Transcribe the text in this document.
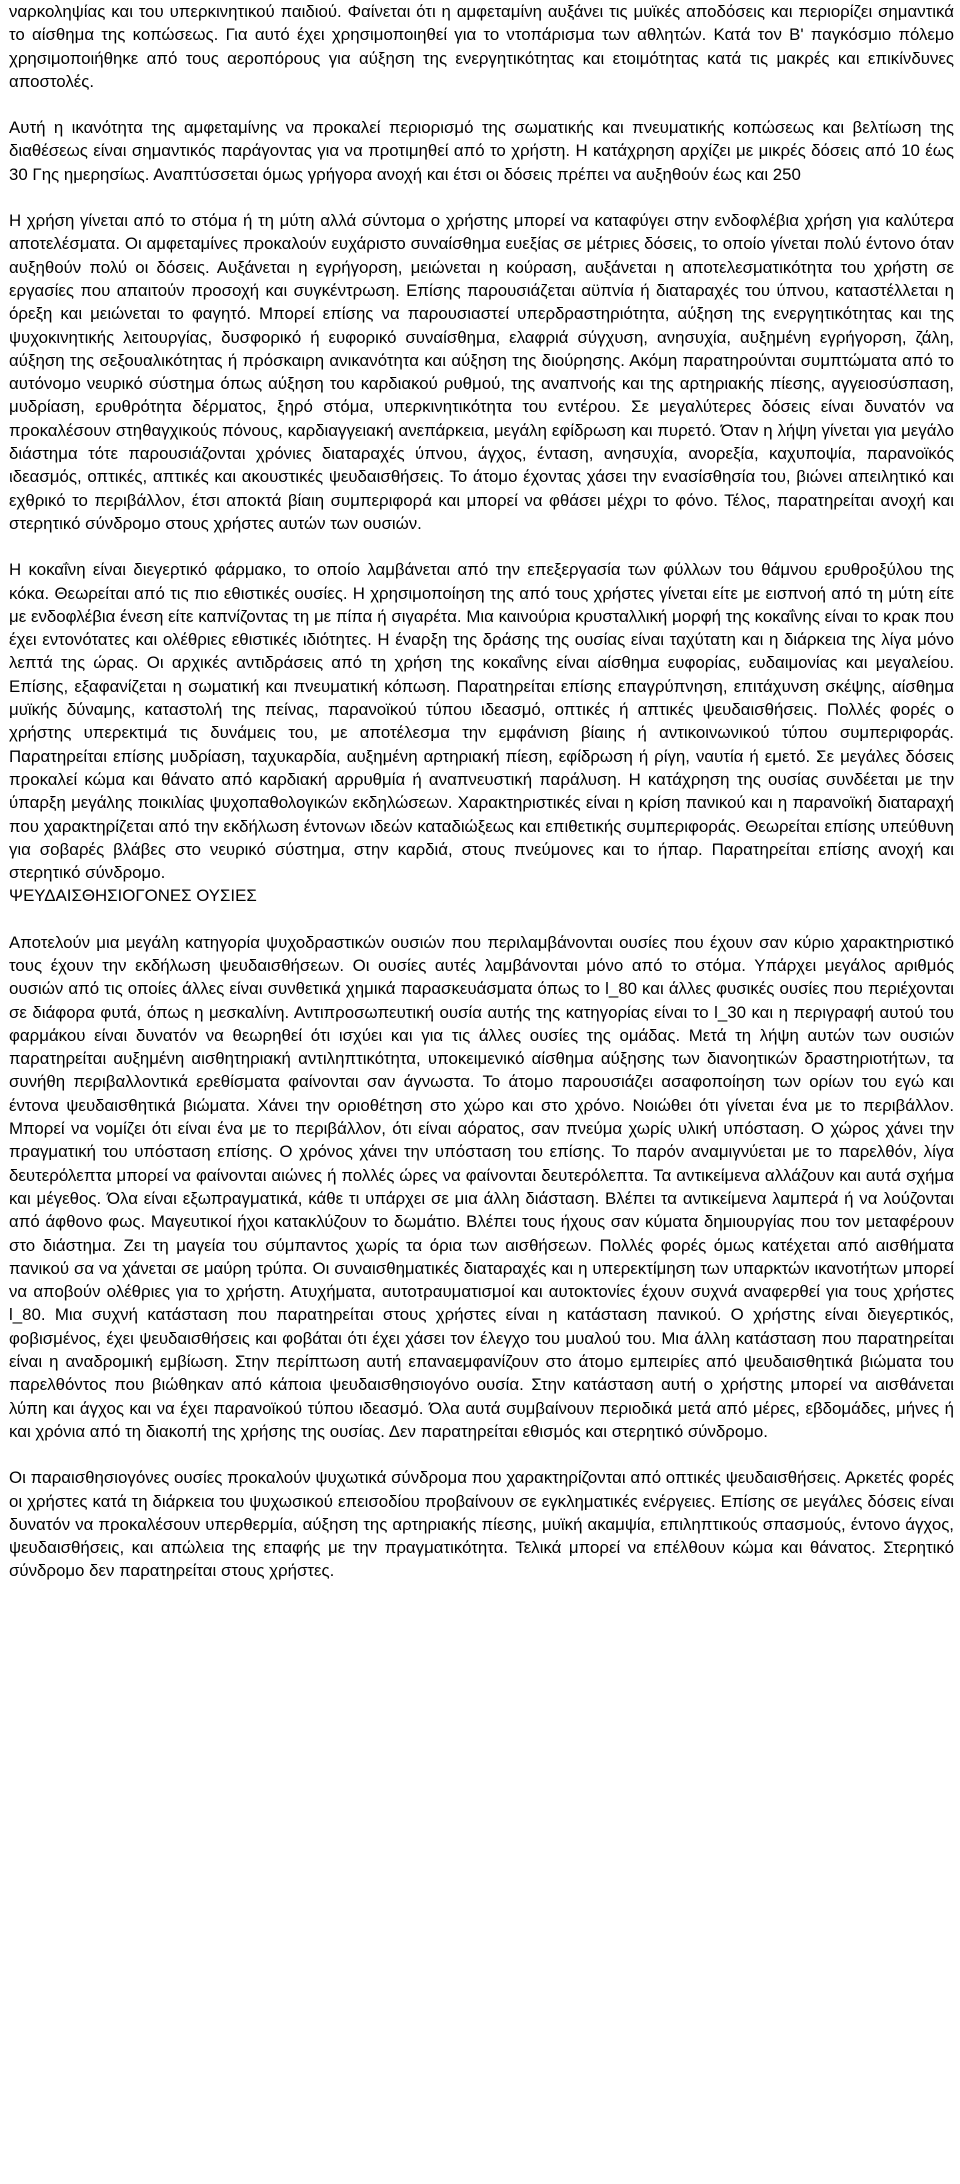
ναρκοληψίας και του υπερκινητικού παιδιού. Φαίνεται ότι η αμφεταμίνη αυξάνει τις μυϊκές αποδόσεις και περιορίζει σημαντικά το αίσθημα της κοπώσεως. Για αυτό έχει χρησιμοποιηθεί για το ντοπάρισμα των αθλητών. Κατά τον Β' παγκόσμιο πόλεμο χρησιμοποιήθηκε από τους αεροπόρους για αύξηση της ενεργητικότητας και ετοιμότητας κατά τις μακρές και επικίνδυνες αποστολές.

Αυτή η ικανότητα της αμφεταμίνης να προκαλεί περιορισμό της σωματικής και πνευματικής κοπώσεως και βελτίωση της διαθέσεως είναι σημαντικός παράγοντας για να προτιμηθεί από το χρήστη. Η κατάχρηση αρχίζει με μικρές δόσεις από 10 έως 30 Γης ημερησίως. Αναπτύσσεται όμως γρήγορα ανοχή και έτσι οι δόσεις πρέπει να αυξηθούν έως και 250

Η χρήση γίνεται από το στόμα ή τη μύτη αλλά σύντομα ο χρήστης μπορεί να καταφύγει στην ενδοφλέβια χρήση για καλύτερα αποτελέσματα. Οι αμφεταμίνες προκαλούν ευχάριστο συναίσθημα ευεξίας σε μέτριες δόσεις, το οποίο γίνεται πολύ έντονο όταν αυξηθούν πολύ οι δόσεις. Αυξάνεται η εγρήγορση, μειώνεται η κούραση, αυξάνεται η αποτελεσματικότητα του χρήστη σε εργασίες που απαιτούν προσοχή και συγκέντρωση. Επίσης παρουσιάζεται αϋπνία ή διαταραχές του ύπνου, καταστέλλεται η όρεξη και μειώνεται το φαγητό. Μπορεί επίσης να παρουσιαστεί υπερδραστηριότητα, αύξηση της ενεργητικότητας και της ψυχοκινητικής λειτουργίας, δυσφορικό ή ευφορικό συναίσθημα, ελαφριά σύγχυση, ανησυχία, αυξημένη εγρήγορση, ζάλη, αύξηση της σεξουαλικότητας ή πρόσκαιρη ανικανότητα και αύξηση της διούρησης. Ακόμη παρατηρούνται συμπτώματα από το αυτόνομο νευρικό σύστημα όπως αύξηση του καρδιακού ρυθμού, της αναπνοής και της αρτηριακής πίεσης, αγγειοσύσπαση, μυδρίαση, ερυθρότητα δέρματος, ξηρό στόμα, υπερκινητικότητα του εντέρου. Σε μεγαλύτερες δόσεις είναι δυνατόν να προκαλέσουν στηθαγχικούς πόνους, καρδιαγγειακή ανεπάρκεια, μεγάλη εφίδρωση και πυρετό. Όταν η λήψη γίνεται για μεγάλο διάστημα τότε παρουσιάζονται χρόνιες διαταραχές ύπνου, άγχος, ένταση, ανησυχία, ανορεξία, καχυποψία, παρανοϊκός ιδεασμός, οπτικές, απτικές και ακουστικές ψευδαισθήσεις. Το άτομο έχοντας χάσει την ενασίσθησία του, βιώνει απειλητικό και εχθρικό το περιβάλλον, έτσι αποκτά βίαιη συμπεριφορά και μπορεί να φθάσει μέχρι το φόνο. Τέλος, παρατηρείται ανοχή και στερητικό σύνδρομο στους χρήστες αυτών των ουσιών.

Η κοκαΐνη είναι διεγερτικό φάρμακο, το οποίο λαμβάνεται από την επεξεργασία των φύλλων του θάμνου ερυθροξύλου της κόκα. Θεωρείται από τις πιο εθιστικές ουσίες. Η χρησιμοποίηση της από τους χρήστες γίνεται είτε με εισπνοή από τη μύτη είτε με ενδοφλέβια ένεση είτε καπνίζοντας τη με πίπα ή σιγαρέτα. Μια καινούρια κρυσταλλική μορφή της κοκαΐνης είναι το κρακ που έχει εντονότατες και ολέθριες εθιστικές ιδιότητες. Η έναρξη της δράσης της ουσίας είναι ταχύτατη και η διάρκεια της λίγα μόνο λεπτά της ώρας. Οι αρχικές αντιδράσεις από τη χρήση της κοκαΐνης είναι αίσθημα ευφορίας, ευδαιμονίας και μεγαλείου. Επίσης, εξαφανίζεται η σωματική και πνευματική κόπωση. Παρατηρείται επίσης επαγρύπνηση, επιτάχυνση σκέψης, αίσθημα μυϊκής δύναμης, καταστολή της πείνας, παρανοϊκού τύπου ιδεασμό, οπτικές ή απτικές ψευδαισθήσεις. Πολλές φορές ο χρήστης υπερεκτιμά τις δυνάμεις του, με αποτέλεσμα την εμφάνιση βίαιης ή αντικοινωνικού τύπου συμπεριφοράς. Παρατηρείται επίσης μυδρίαση, ταχυκαρδία, αυξημένη αρτηριακή πίεση, εφίδρωση ή ρίγη, ναυτία ή εμετό. Σε μεγάλες δόσεις προκαλεί κώμα και θάνατο από καρδιακή αρρυθμία ή αναπνευστική παράλυση. Η κατάχρηση της ουσίας συνδέεται με την ύπαρξη μεγάλης ποικιλίας ψυχοπαθολογικών εκδηλώσεων. Χαρακτηριστικές είναι η κρίση πανικού και η παρανοϊκή διαταραχή που χαρακτηρίζεται από την εκδήλωση έντονων ιδεών καταδιώξεως και επιθετικής συμπεριφοράς. Θεωρείται επίσης υπεύθυνη για σοβαρές βλάβες στο νευρικό σύστημα, στην καρδιά, στους πνεύμονες και το ήπαρ. Παρατηρείται επίσης ανοχή και στερητικό σύνδρομο.

ΨΕΥΔΑΙΣΘΗΣΙΟΓΟΝΕΣ ΟΥΣΙΕΣ

Αποτελούν μια μεγάλη κατηγορία ψυχοδραστικών ουσιών που περιλαμβάνονται ουσίες που έχουν σαν κύριο χαρακτηριστικό τους έχουν την εκδήλωση ψευδαισθήσεων. Οι ουσίες αυτές λαμβάνονται μόνο από το στόμα. Υπάρχει μεγάλος αριθμός ουσιών από τις οποίες άλλες είναι συνθετικά χημικά παρασκευάσματα όπως το l_80 και άλλες φυσικές ουσίες που περιέχονται σε διάφορα φυτά, όπως η μεσκαλίνη. Αντιπροσωπευτική ουσία αυτής της κατηγορίας είναι το l_30 και η περιγραφή αυτού του φαρμάκου είναι δυνατόν να θεωρηθεί ότι ισχύει και για τις άλλες ουσίες της ομάδας. Μετά τη λήψη αυτών των ουσιών παρατηρείται αυξημένη αισθητηριακή αντιληπτικότητα, υποκειμενικό αίσθημα αύξησης των διανοητικών δραστηριοτήτων, τα συνήθη περιβαλλοντικά ερεθίσματα φαίνονται σαν άγνωστα. Το άτομο παρουσιάζει ασαφοποίηση των ορίων του εγώ και έντονα ψευδαισθητικά βιώματα. Χάνει την οριοθέτηση στο χώρο και στο χρόνο. Νοιώθει ότι γίνεται ένα με το περιβάλλον. Μπορεί να νομίζει ότι είναι ένα με το περιβάλλον, ότι είναι αόρατος, σαν πνεύμα χωρίς υλική υπόσταση. Ο χώρος χάνει την πραγματική του υπόσταση επίσης. Ο χρόνος χάνει την υπόσταση του επίσης. Το παρόν αναμιγνύεται με το παρελθόν, λίγα δευτερόλεπτα μπορεί να φαίνονται αιώνες ή πολλές ώρες να φαίνονται δευτερόλεπτα. Τα αντικείμενα αλλάζουν και αυτά σχήμα και μέγεθος. Όλα είναι εξωπραγματικά, κάθε τι υπάρχει σε μια άλλη διάσταση. Βλέπει τα αντικείμενα λαμπερά ή να λούζονται από άφθονο φως. Μαγευτικοί ήχοι κατακλύζουν το δωμάτιο. Βλέπει τους ήχους σαν κύματα δημιουργίας που τον μεταφέρουν στο διάστημα. Ζει τη μαγεία του σύμπαντος χωρίς τα όρια των αισθήσεων. Πολλές φορές όμως κατέχεται από αισθήματα πανικού σα να χάνεται σε μαύρη τρύπα. Οι συναισθηματικές διαταραχές και η υπερεκτίμηση των υπαρκτών ικανοτήτων μπορεί να αποβούν ολέθριες για το χρήστη. Ατυχήματα, αυτοτραυματισμοί και αυτοκτονίες έχουν συχνά αναφερθεί για τους χρήστες l_80. Μια συχνή κατάσταση που παρατηρείται στους χρήστες είναι η κατάσταση πανικού. Ο χρήστης είναι διεγερτικός, φοβισμένος, έχει ψευδαισθήσεις και φοβάται ότι έχει χάσει τον έλεγχο του μυαλού του. Μια άλλη κατάσταση που παρατηρείται είναι η αναδρομική εμβίωση. Στην περίπτωση αυτή επαναεμφανίζουν στο άτομο εμπειρίες από ψευδαισθητικά βιώματα του παρελθόντος που βιώθηκαν από κάποια ψευδαισθησιογόνο ουσία. Στην κατάσταση αυτή ο χρήστης μπορεί να αισθάνεται λύπη και άγχος και να έχει παρανοϊκού τύπου ιδεασμό. Όλα αυτά συμβαίνουν περιοδικά μετά από μέρες, εβδομάδες, μήνες ή και χρόνια από τη διακοπή της χρήσης της ουσίας. Δεν παρατηρείται εθισμός και στερητικό σύνδρομο.

Οι παραισθησιογόνες ουσίες προκαλούν ψυχωτικά σύνδρομα που χαρακτηρίζονται από οπτικές ψευδαισθήσεις. Αρκετές φορές οι χρήστες κατά τη διάρκεια του ψυχωσικού επεισοδίου προβαίνουν σε εγκληματικές ενέργειες. Επίσης σε μεγάλες δόσεις είναι δυνατόν να προκαλέσουν υπερθερμία, αύξηση της αρτηριακής πίεσης, μυϊκή ακαμψία, επιληπτικούς σπασμούς, έντονο άγχος, ψευδαισθήσεις, και απώλεια της επαφής με την πραγματικότητα. Τελικά μπορεί να επέλθουν κώμα και θάνατος. Στερητικό σύνδρομο δεν παρατηρείται στους χρήστες.
